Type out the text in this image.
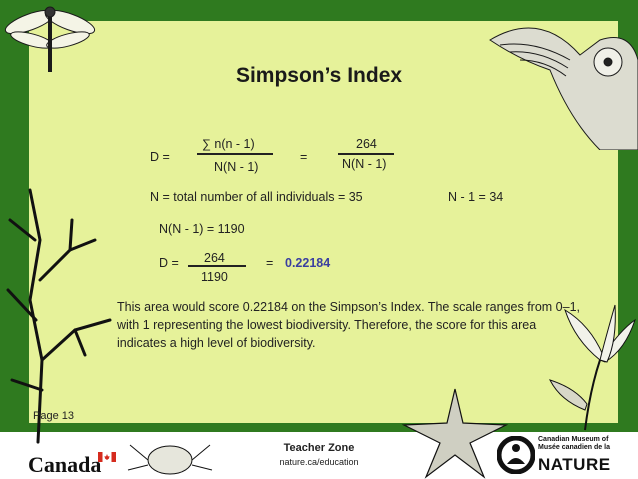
Simpson’s Index
D =
∑ n(n - 1)
N(N - 1)
=
264
N(N - 1)
N = total number of all individuals = 35	N - 1 = 34
N(N - 1) = 1190
D = 264
1190
= 0.22184
This area would score 0.22184 on the Simpson’s Index. The scale ranges from 0–1, with 1 representing the lowest biodiversity. Therefore, the score for this area indicates a high level of biodiversity.
Page 13
Canada
Teacher Zone
nature.ca/education
Canadian Museum of
Musée canadien de la
NATURE
